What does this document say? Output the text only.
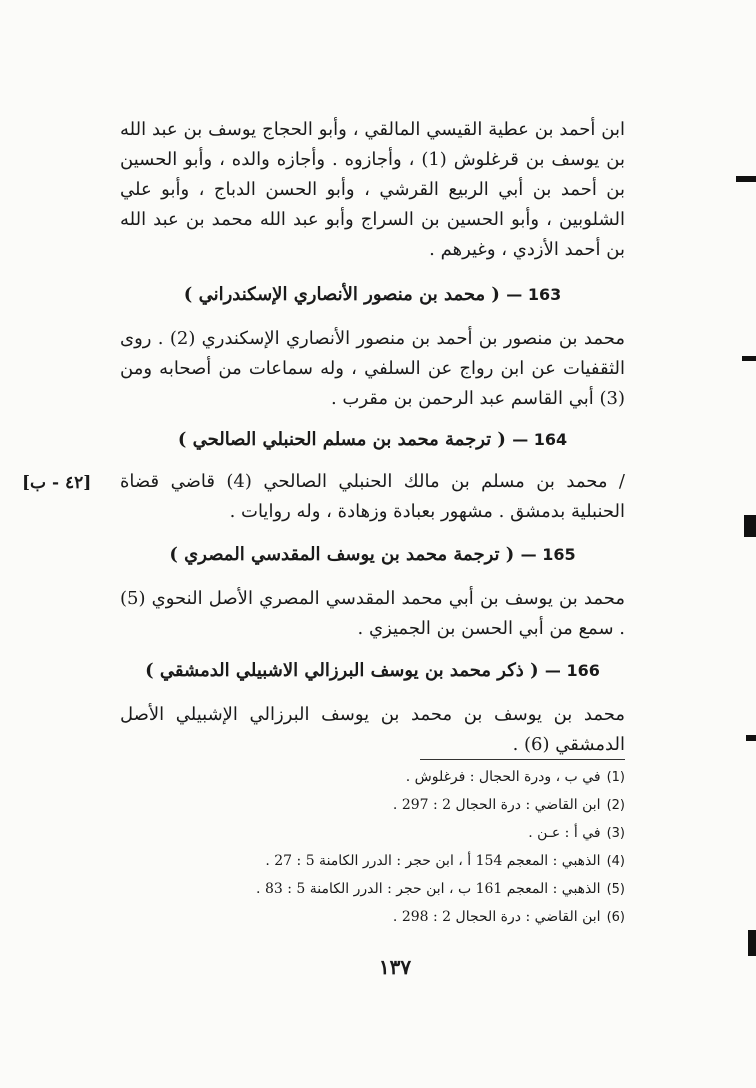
ابن أحمد بن عطية القيسي المالقي ، وأبو الحجاج يوسف بن عبد الله بن يوسف بن قرغلوش (1) ، وأجازوه . وأجازه والده ، وأبو الحسين بن أحمد بن أبي الربيع القرشي ، وأبو الحسن الدباج ، وأبو علي الشلوبين ، وأبو الحسين بن السراج وأبو عبد الله محمد بن عبد الله بن أحمد الأزدي ، وغيرهم .
163 — ( محمد بن منصور الأنصاري الإسكندراني )
محمد بن منصور بن أحمد بن منصور الأنصاري الإسكندري (2) . روى الثقفيات عن ابن رواج عن السلفي ، وله سماعات من أصحابه ومن (3) أبي القاسم عبد الرحمن بن مقرب .
164 — ( ترجمة محمد بن مسلم الحنبلي الصالحي )
[٤٢ - ب] / محمد بن مسلم بن مالك الحنبلي الصالحي (4) قاضي قضاة الحنبلية بدمشق . مشهور بعبادة وزهادة ، وله روايات .
165 — ( ترجمة محمد بن يوسف المقدسي المصري )
محمد بن يوسف بن أبي محمد المقدسي المصري الأصل النحوي (5) . سمع من أبي الحسن بن الجميزي .
166 — ( ذكر محمد بن يوسف البرزالي الاشبيلي الدمشقي )
محمد بن يوسف بن محمد بن يوسف البرزالي الإشبيلي الأصل الدمشقي (6) .
(1)في ب ، ودرة الحجال : فرغلوش .
(2)ابن القاضي : درة الحجال 2 : 297 .
(3)في أ : عـن .
(4)الذهبي : المعجم 154 أ ، ابن حجر : الدرر الكامنة 5 : 27 .
(5)الذهبي : المعجم 161 ب ، ابن حجر : الدرر الكامنة 5 : 83 .
(6)ابن القاضي : درة الحجال 2 : 298 .
١٣٧
